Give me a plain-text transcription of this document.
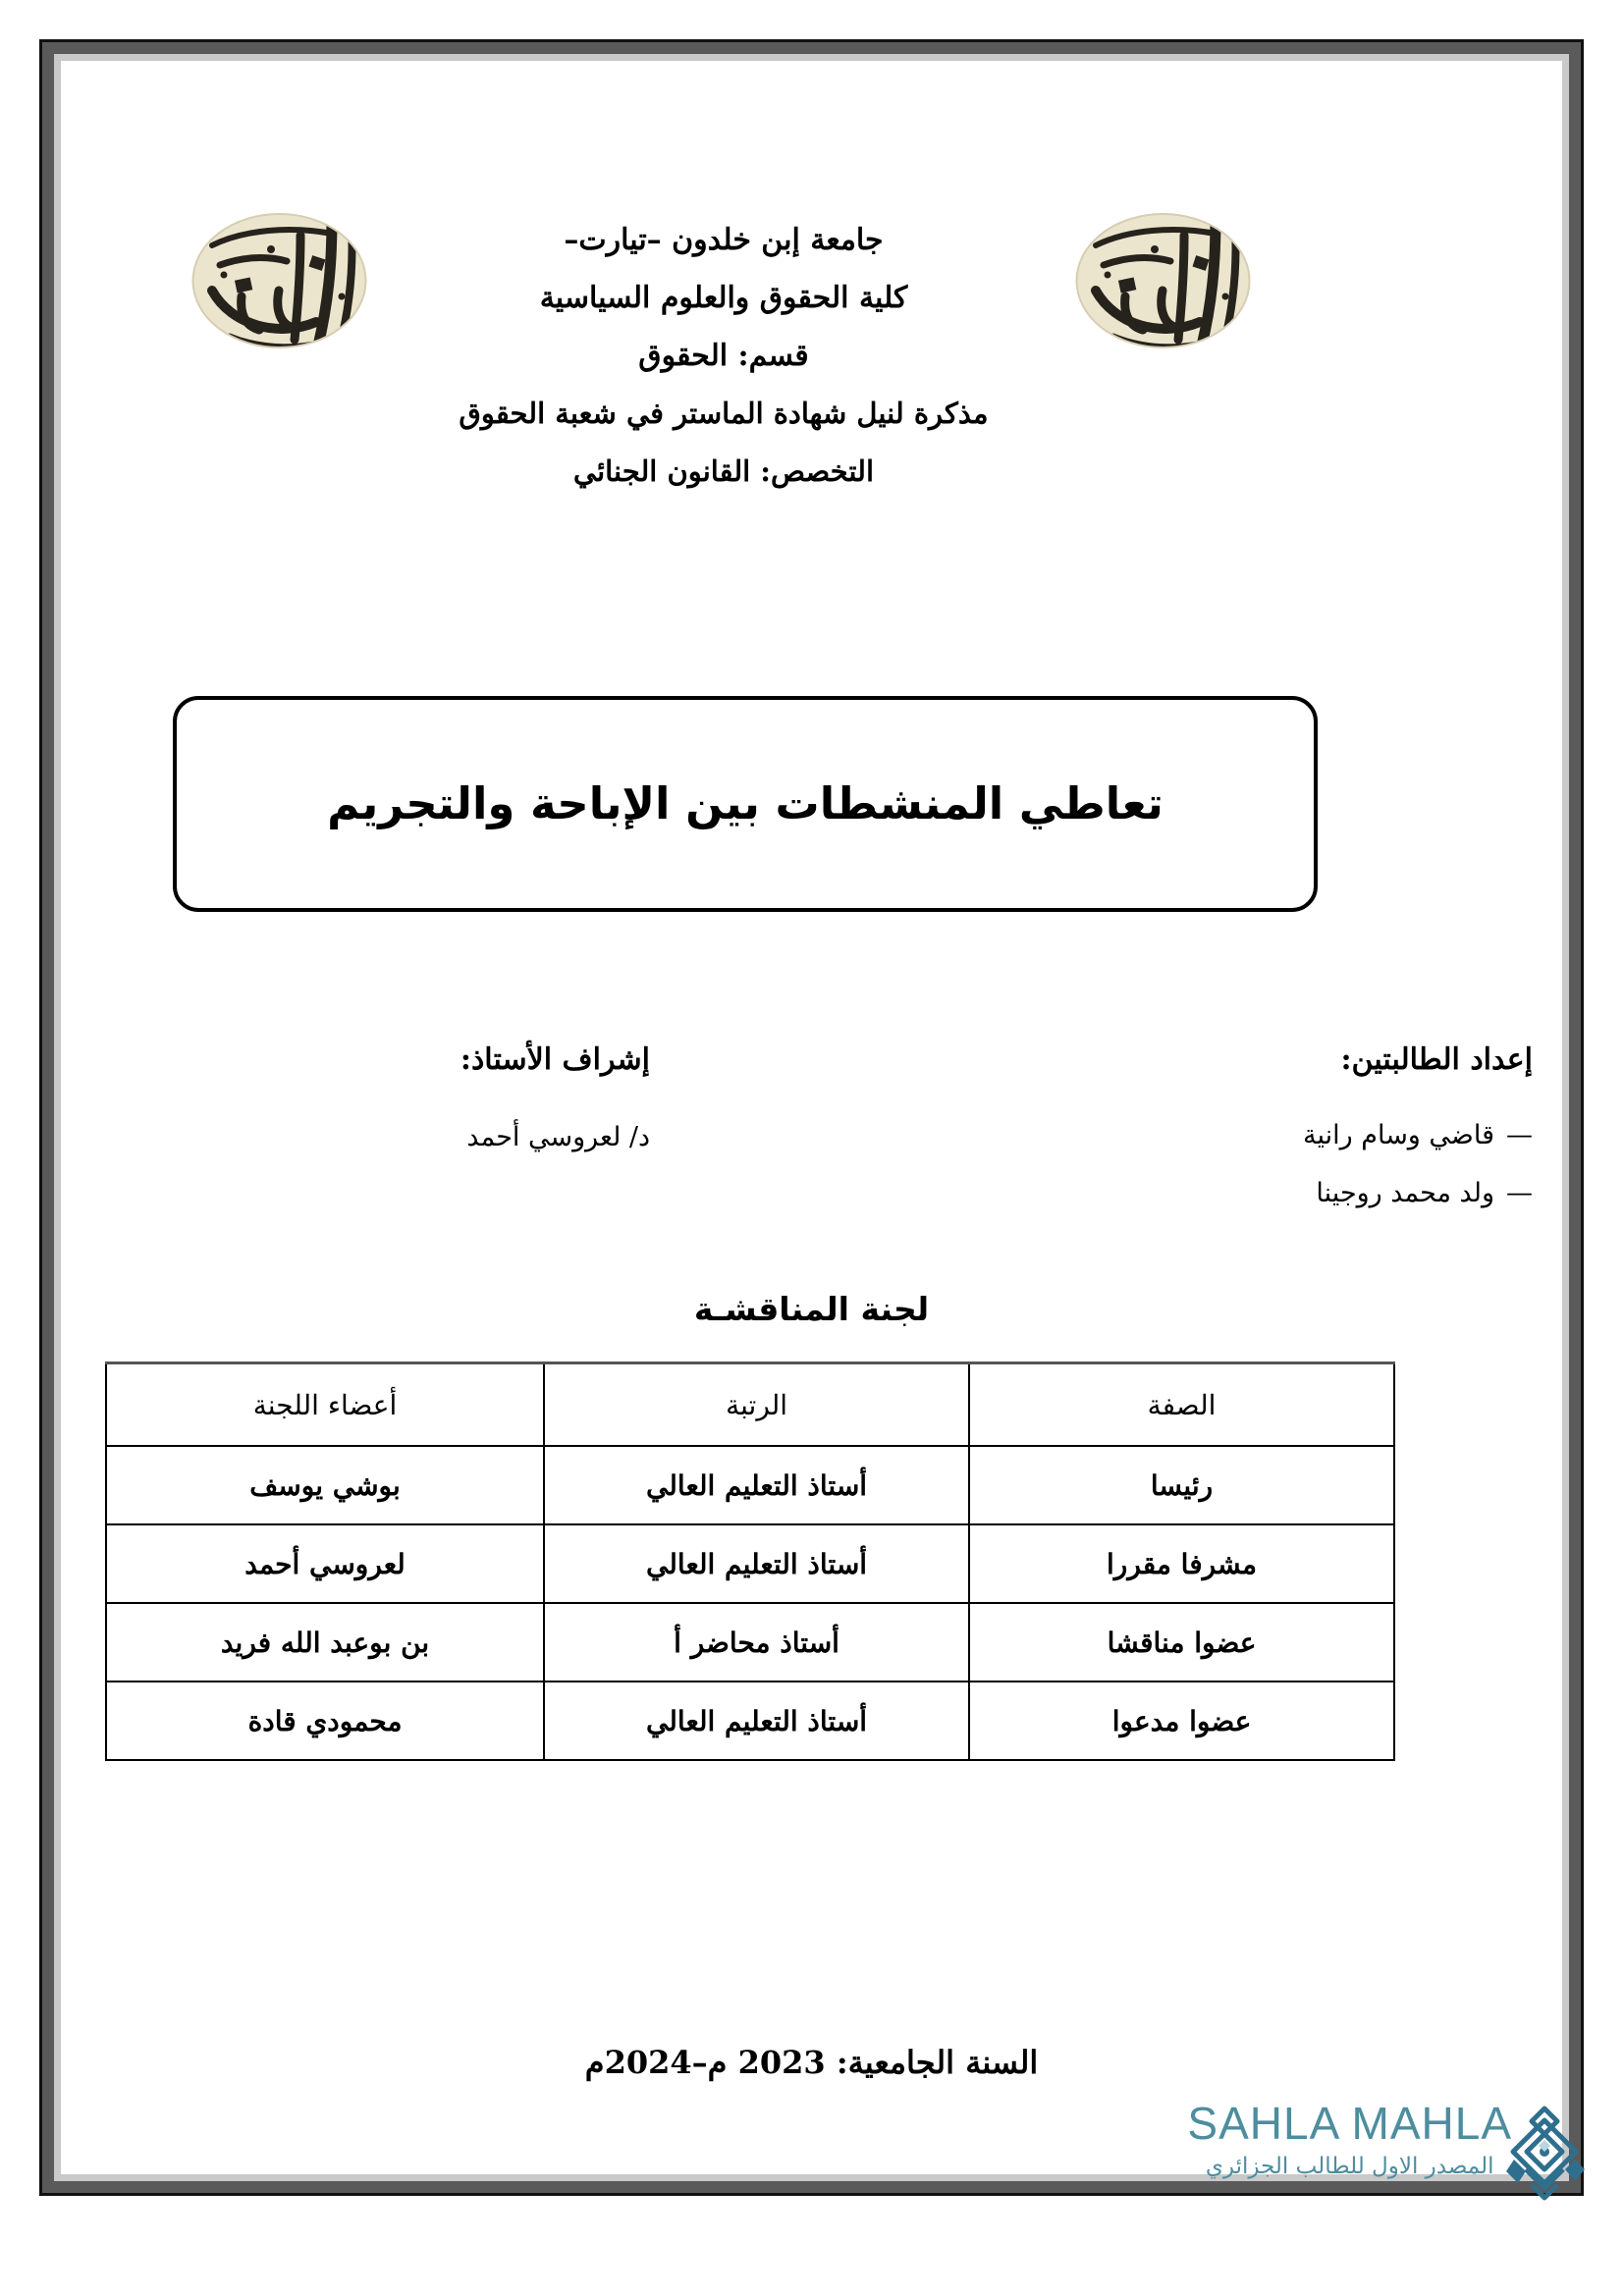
جامعة إبن خلدون –تيارت–
كلية الحقوق والعلوم السياسية
قسم: الحقوق
مذكرة لنيل شهادة الماستر في شعبة الحقوق
التخصص: القانون الجنائي
تعاطي المنشطات بين الإباحة والتجريم
إعداد الطالبتين:
—قاضي وسام رانية
—ولد محمد روجينا
إشراف الأستاذ:
د/ لعروسي أحمد
لجنة المناقشـة
الصفة	الرتبة	أعضاء اللجنة
رئيسا	أستاذ التعليم العالي	بوشي يوسف
مشرفا مقررا	أستاذ التعليم العالي	لعروسي أحمد
عضوا مناقشا	أستاذ محاضر أ	بن بوعبد الله فريد
عضوا مدعوا	أستاذ التعليم العالي	محمودي قادة
السنة الجامعية: 2023 م–2024م
SAHLA MAHLA
المصدر الاول للطالب الجزائري
